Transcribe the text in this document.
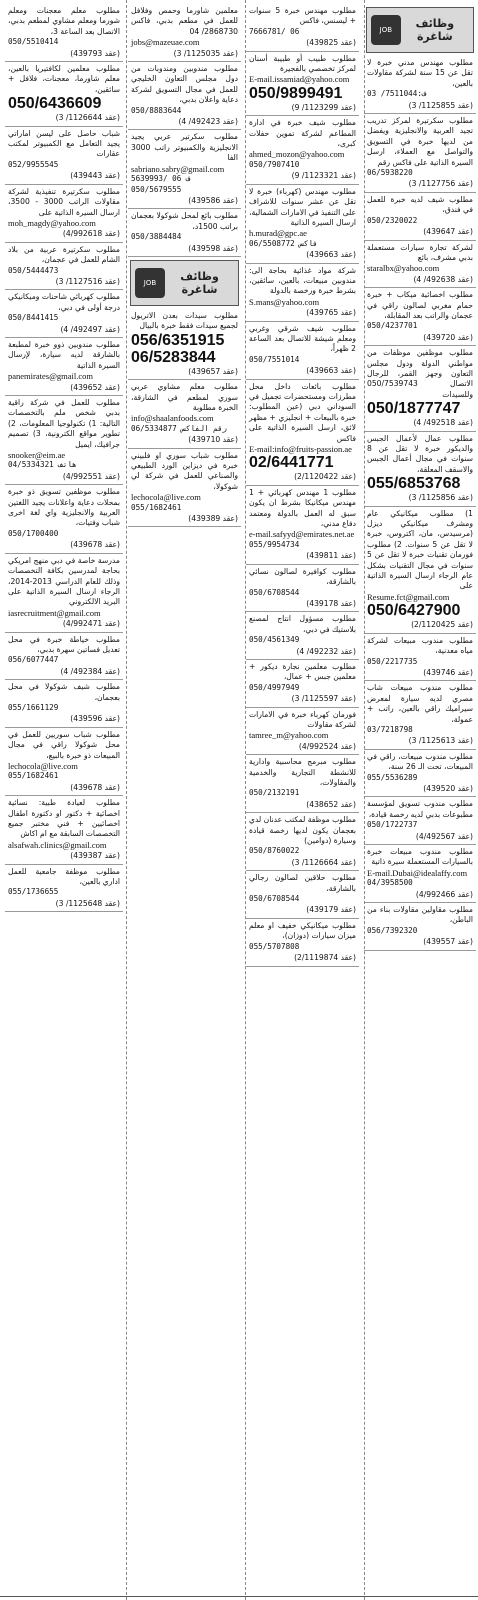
وظائف شاغرة
JOB
مطلوب مهندس مدني خبرة لا تقل عن 15 سنة لشركة مقاولات بالعين،
ف:7511044/ 03
(عقد 1125855/ 3)
مطلوب سكرتيرة لمركز تدريب تجيد العربية والانجليزية ويفضل من لديها خبرة في التسويق والتواصل مع العملاء، ارسل السيرة الذاتية على فاكس رقم
06/5938220
(عقد 1127756/ 3)
مطلوب شيف لديه خبرة للعمل في فندق،
050/2320022
(عقد 439647)
لشركة تجارة سيارات مستعملة بدبي مشرف، بائع
staralbx@yahoo.com
(عقد 492638/ 4)
مطلوب اخصائية ميكاب + خبرة حمام مغربي لصالون راقي في عجمان والراتب بعد المقابلة،
050/4237701
(عقد 439720)
مطلوب موظفين موظفات من مواطني الدولة ودول مجلس التعاون وجهز القمر، للرجال الاتصال 050/7539743 وللسيدات
050/1877747
(عقد 492518/ 4)
مطلوب عمال لأعمال الجبس والديكور خبرة لا تقل عن 8 سنوات في مجال أعمال الجبس والاسقف المعلقة،
055/6853768
(عقد 1125856/ 3)
1) مطلوب ميكانيكي عام ومشرف ميكانيكي ديزل (مرسيدس، مان، اكتروس، خبرة لا تقل عن 5 سنوات. 2) مطلوب فورمان تقنيات خبرة لا تقل عن 5 سنوات في مجال التقنيات بشكل عام الرجاء ارسال السيرة الذاتية على
Resume.fct@gmail.com
050/6427900
(عقد 2/1120425)
مطلوب مندوب مبيعات لشركة مياه معدنية،
050/2217735
(عقد 439746)
مطلوب مندوب مبيعات شاب مصري لديه سيارة لمعرض سيراميك راقي بالعين، راتب + عمولة،
03/7218798
(عقد 1125613/ 3)
مطلوب مندوب مبيعات، راقي في المبيعات، تحت الـ 26 سنة،
055/5536289
(عقد 439520)
مطلوب مندوب تسويق لمؤسسة مطبوعات بدبي لديه رخصة قيادة،
050/1722737
(عقد 4/492567)
مطلوب مندوب مبيعات خبرة بالسيارات المستعملة سيرة ذاتية
E-mail.Dubai@idealaffy.com
04/3958500
(عقد 4/992466)
مطلوب مقاولين مقاولات بناء من الباطن،
056/7392320
(عقد 439557)
مطلوب مهندس خبرة 5 سنوات + ليسنس، فاكس
7666781/ 06
(عقد 439825)
مطلوب طبيب أو طبيبة أسنان لمركز تخصصي بالفجيرة
E-mail.issamiad@yahoo.com
050/9899491
(عقد 1123299/ 9)
مطلوب شيف خبرة في ادارة المطاعم لشركة تموين حفلات كبرى،
ahmed_mozon@yahoo.com
050/7907410
(عقد 1123321/ 9)
مطلوب مهندس (كهرباء) خبرة لا تقل عن عشر سنوات للاشراف على التنفيذ في الامارات الشمالية، ارسال السيرة الذاتية
h.murad@gpc.ae
فاكس 06/5508772
(عقد 439663)
شركة مواد غذائية بحاجة الى: مندوبين مبيعات، بالعين، سائقين، بشرط خبرة ورخصة بالدولة
S.mans@yahoo.com
(عقد 439765)
مطلوب شيف شرقي وغربي ومعلم شيشة للاتصال بعد الساعة 2 ظهراً،
050/7551014
(عقد 439663)
مطلوب بائعات داخل محل مطرزات ومستحضرات تجميل في السوداني دبي (عين المطلوب: خبرة بالبيعات + انجليزي + مظهر لائق، ارسل السيرة الذاتية على فاكس
E-mail:info@fruits-passion.ae
02/6441771
(عقد 2/1120422)
مطلوب 1 مهندس كهربائي + 1 مهندس ميكانيكا بشرط ان يكون سبق له العمل بالدولة ومعتمد دفاع مدني،
e-mail.safyyd@emirates.net.ae
055/9954734
(عقد 439811)
مطلوب كوافيرة لصالون نسائي بالشارقة،
050/6708544
(عقد 439178)
مطلوب مسؤول انتاج لمصنع بلاستيك في دبي،
050/4561349
(عقد 492232/ 4)
مطلوب معلمين نجارة ديكور + معلمين جبس + عمال،
050/4997949
(عقد 1125597/ 3)
فورمان كهرباء خبرة في الامارات لشركة مقاولات
tamree_m@yahoo.com
(عقد 4/992524)
مطلوب مبرمج محاسبية وادارية للانشطة التجارية والخدمية والمقاولات،
050/2132191
(عقد 438652)
مطلوب موظفة لمكتب عدنان لدي بعجمان يكون لديها رخصة قيادة وسيارة (دوامين)
050/8760022
(عقد 1126664/ 3)
مطلوب حلاقين لصالون رجالي بالشارقة،
050/6708544
(عقد 439179)
مطلوب ميكانيكي خفيف او معلم ميزان سيارات (دوزان)،
055/5707808
(عقد 2/1119874)
معلمين شاورما وحمص وفلافل للعمل في مطعم بدبي، فاكس 2868730/ 04
jobs@mazeuae.com
(عقد 1125035/ 3)
مطلوب مندوبين ومندوبات من دول مجلس التعاون الخليجي للعمل في مجال التسويق لشركة دعاية واعلان بدبي،
050/8883644
(عقد 492423/ 4)
مطلوب سكرتير عربي يجيد الانجليزية والكمبيوتر راتب 3000 الفا
sabriano.sabry@gmail.com
ف 06 /5639993
050/5679555
(عقد 439586)
مطلوب بائع لمحل شوكولا بعجمان براتب 1500د،
050/3884484
(عقد 439598)
وظائف شاغرة
JOB
مطلوب سيدات بعدن الاتريول لجميع سيدات فقط خبرة بالبيال
056/6351915
06/5283844
(عقد 439657)
مطلوب معلم مشاوي عربي سوري لمطعم في الشارقة، الخبرة مطلوبة
info@shaalanfoods.com
رقم الفاكس 06/5334877
(عقد 439710)
مطلوب شباب سوري او فلبيني خبرة في ديزاين الورد الطبيعي والصناعي للعمل في شركة لي شوكولا،
lechocola@live.com
055/1682461
(عقد 439389)
مطلوب معلم معجنات ومعلم شورما ومعلم مشاوي لمطعم بدبي، الاتصال بعد الساعة 3،
050/5510414
(عقد 439793)
مطلوب معلمين لكافتيريا بالعين، معلم شاورما، معجنات، فلافل + سائقين،
050/6436609
(عقد 1126644/ 3)
شباب حاصل على ليسن اماراتي يجيد التعامل مع الكمبيوتر لمكتب عقارات
052/9955545
(عقد 439443)
مطلوب سكرتيرة تنفيذية لشركة مقاولات الراتب 3000 - 3500، ارسال السيرة الذاتية على
moh_magdy@yahoo.com
(عقد 4/992618)
مطلوب سكرتيرة عربية من بلاد الشام للعمل في عجمان،
050/5444473
(عقد 1127516/ 3)
مطلوب كهربائي شاحنات وميكانيكي درجة أولى في دبي،
050/8441415
(عقد 492497/ 4)
مطلوب مندوبين ذوو خبرة لمطبعة بالشارقة لديه سيارة، لإرسال السيرة الذاتية
panemirates@gmail.com
(عقد 439652)
مطلوب للعمل في شركة راقية بدبي شخص ملم بالتخصصات التالية: 1) تكنولوجيا المعلومات، 2) تطوير مواقع الكترونية، 3) تصميم جرافيك، ايميل
snooker@eim.ae
هاتف 04/5334321
(عقد 4/992551)
مطلوب موظفين تسويق ذو خبرة بمحلات دعاية واعلانات يجيد اللغتين العربية والانجليزية واي لغة اخرى شباب وفتيات،
050/1700400
(عقد 439678)
مدرسة خاصة في دبي منهج امريكي بحاجة لمدرسين بكافة التخصصات وذلك للعام الدراسي 2013-2014، الرجاء ارسال السيرة الذاتية على البريد الالكتروني
iasrecruitment@gmail.com
(عقد 4/992471)
مطلوب خياطة خبرة في محل تعديل فساتين سهرة بدبي،
056/6077447
(عقد 492384/ 4)
مطلوب شيف شوكولا في محل بعجمان،
055/1661129
(عقد 439596)
مطلوب شباب سوريين للعمل في محل شوكولا راقي في مجال المبيعات ذو خبرة بالبيع،
lechocola@live.com
055/1682461
(عقد 439678)
مطلوب لعيادة طبية: نسائية اخصائية + دكتور او دكتورة اطفال اخصائيين + فني مختبر جميع التخصصات السابقة مع ام اكاش
alsafwah.clinics@gmail.com
(عقد 439387)
مطلوب موظفة جامعية للعمل اداري بالعين،
055/1736655
(عقد 1125648/ 3)
